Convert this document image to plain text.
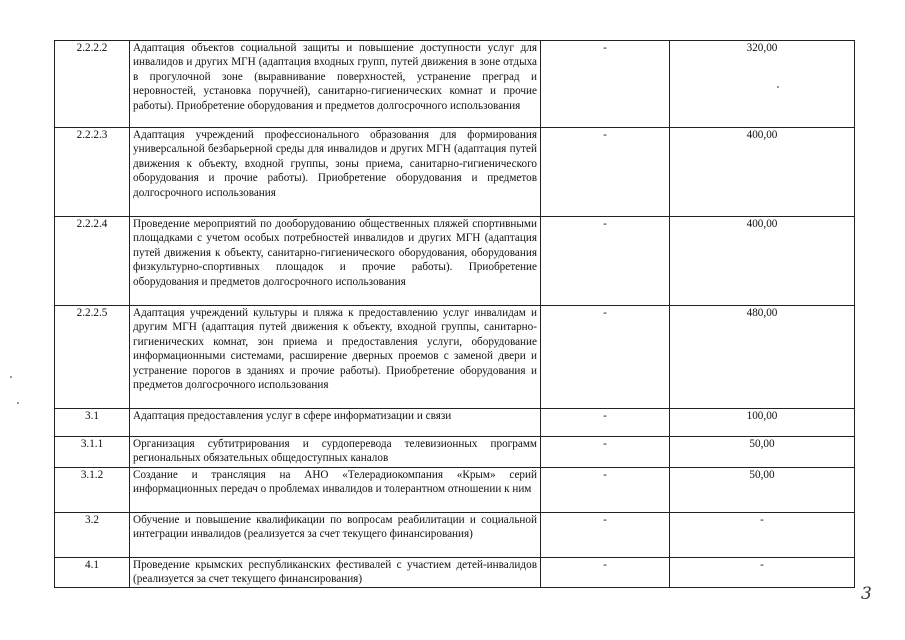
2.2.2.2	Адаптация объектов социальной защиты и повышение доступности услуг для инвалидов и других МГН (адаптация входных групп, путей движения в зоне отдыха в прогулочной зоне (выравнивание поверхностей, устранение преград и неровностей, установка поручней), санитарно-гигиенических комнат и прочие работы). Приобретение оборудования и предметов долгосрочного использования	-	320,00
2.2.2.3	Адаптация учреждений профессионального образования для формирования универсальной безбарьерной среды для инвалидов и других МГН (адаптация путей движения к объекту, входной группы, зоны приема, санитарно-гигиенического оборудования и прочие работы). Приобретение оборудования и предметов долгосрочного использования	-	400,00
2.2.2.4	Проведение мероприятий по дооборудованию общественных пляжей спортивными площадками с учетом особых потребностей инвалидов и других МГН (адаптация путей движения к объекту, санитарно-гигиенического оборудования, оборудования физкультурно-спортивных площадок и прочие работы). Приобретение оборудования и предметов долгосрочного использования	-	400,00
2.2.2.5	Адаптация учреждений культуры и пляжа к предоставлению услуг инвалидам и другим МГН (адаптация путей движения к объекту, входной группы, санитарно-гигиенических комнат, зон приема и предоставления услуги, оборудование информационными системами, расширение дверных проемов с заменой двери и устранение порогов в зданиях и прочие работы). Приобретение оборудования и предметов долгосрочного использования	-	480,00
3.1	Адаптация предоставления услуг в сфере информатизации и связи	-	100,00
3.1.1	Организация субтитрирования и сурдоперевода телевизионных программ региональных обязательных общедоступных каналов	-	50,00
3.1.2	Создание и трансляция на АНО «Телерадиокомпания «Крым» серий информационных передач о проблемах инвалидов и толерантном отношении к ним	-	50,00
3.2	Обучение и повышение квалификации по вопросам реабилитации и социальной интеграции инвалидов (реализуется за счет текущего финансирования)	-	-
4.1	Проведение крымских республиканских фестивалей с участием детей-инвалидов (реализуется за счет текущего финансирования)	-	-
3
